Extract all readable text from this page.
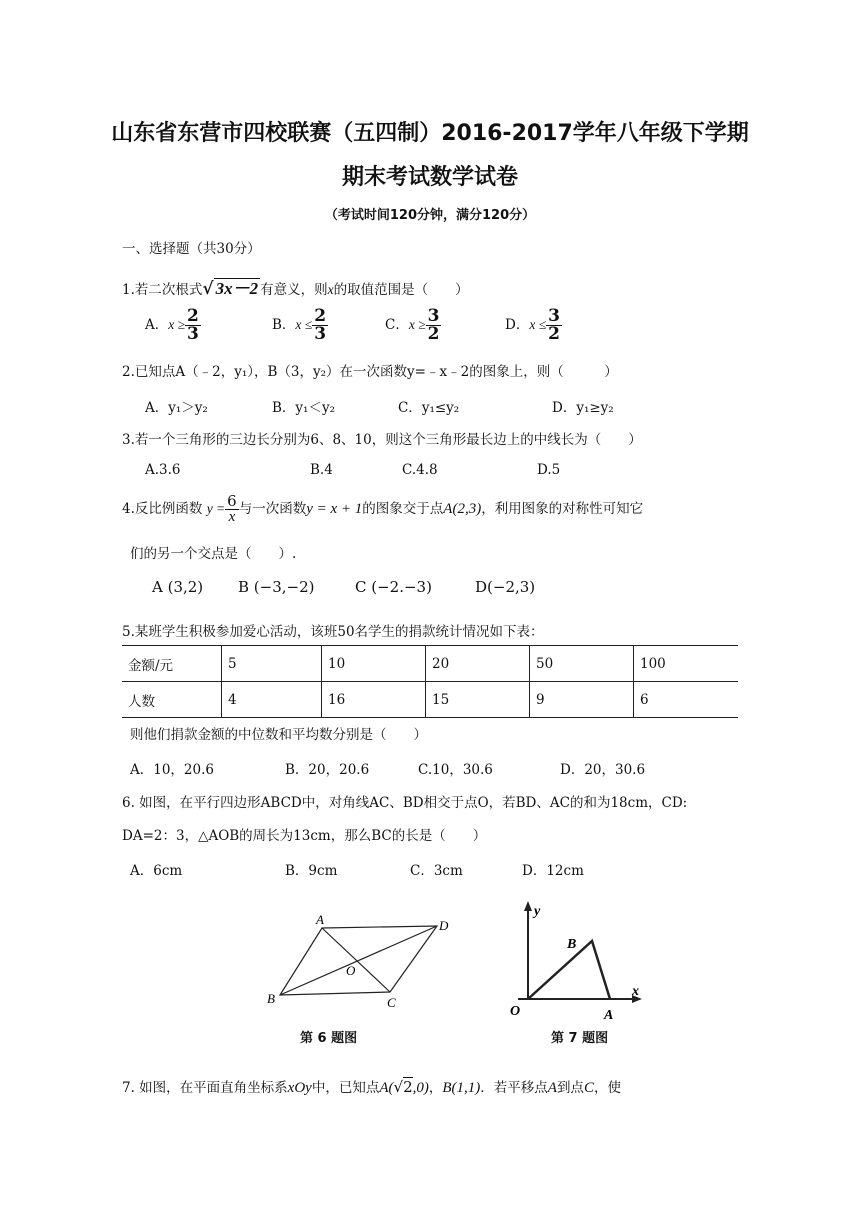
山东省东营市四校联赛（五四制）2016-2017学年八年级下学期
期末考试数学试卷
（考试时间120分钟，满分120分）
一、选择题（共30分）
1.若二次根式√ 3x－2 有意义，则x的取值范围是（　　）
A．$x \ge \frac{2}{3}$	B．$x \le \frac{2}{3}$	C．$x \ge \frac{3}{2}$	D．$x \le \frac{3}{2}$
2.已知点A（﹣2，y₁），B（3，y₂）在一次函数y=﹣x﹣2的图象上，则（　　　）
A．y₁＞y₂	B．y₁＜y₂	C．y₁≤y₂	D．y₁≥y₂
3.若一个三角形的三边长分别为6、8、10，则这个三角形最长边上的中线长为（　　）
A.3.6	B.4	C.4.8	D.5
4.反比例函数 $y = \frac{6}{x}$ 与一次函数y = x + 1的图象交于点A(2,3)，利用图象的对称性可知它
们的另一个交点是（　　）.
A (3,2) B (−3,−2)	C (−2.−3)	D(−2,3)
5.某班学生积极参加爱心活动，该班50名学生的捐款统计情况如下表：
金额/元	5	10	20	50	100
人数	4	16	15	9	6
则他们捐款金额的中位数和平均数分别是（　　）
A．10，20.6	B．20，20.6	C.10，30.6	D．20，30.6
6. 如图，在平行四边形ABCD中，对角线AC、BD相交于点O，若BD、AC的和为18cm，CD:
DA=2：3，△AOB的周长为13cm，那么BC的长是（　　）
A．6cm	B．9cm	C．3cm	D．12cm
A	D
O
B	C
第 6 题图
y
B
O	A
x
第 7 题图
7. 如图，在平面直角坐标系xOy中，已知点A(√2,0)，B(1,1)．若平移点A到点C，使
